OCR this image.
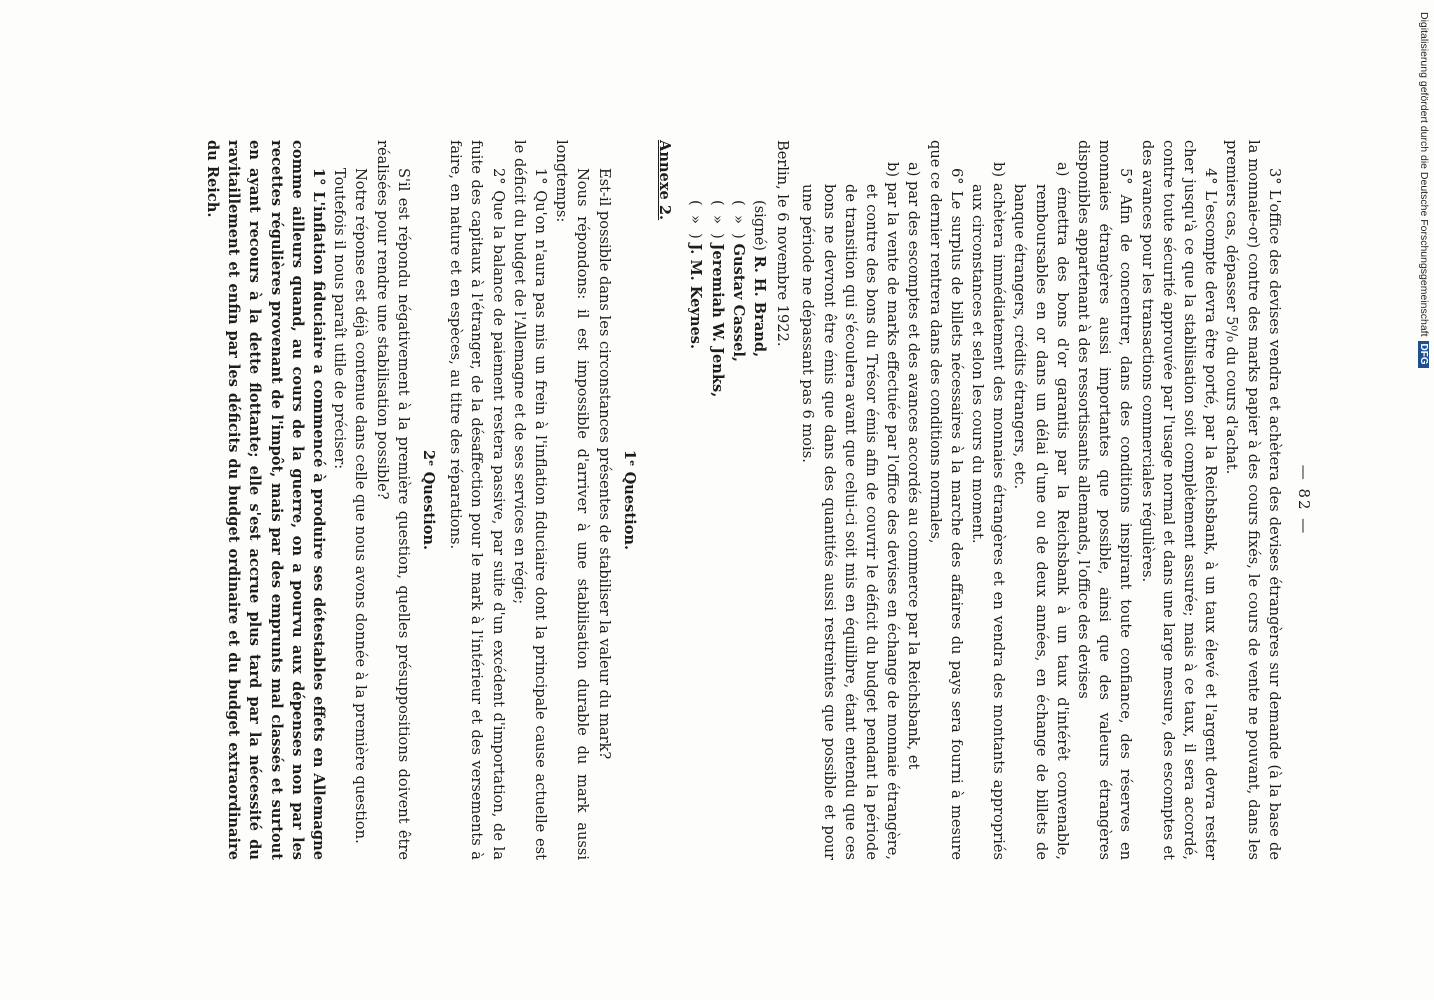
— 82 —

3° L'office des devises vendra et achètera des devises étrangères sur demande (à la base de la monnaie-or) contre des marks papier à des cours fixés, le cours de vente ne pouvant, dans les premiers cas, dépasser 5⁰/₀ du cours d'achat.

4° L'escompte devra être porté, par la Reichsbank, à un taux élevé et l'argent devra rester cher jusqu'à ce que la stabilisation soit complètement assurée; mais à ce taux, il sera accordé, contre toute sécurité approuvée par l'usage normal et dans une large mesure, des escomptes et des avances pour les transactions commerciales régulières.

5° Afin de concentrer, dans des conditions inspirant toute confiance, des réserves en monnaies étrangères aussi importantes que possible, ainsi que des valeurs étrangères disponibles appartenant à des ressortissants allemands, l'office des devises

a) émettra des bons d'or garantis par la Reichsbank à un taux d'intérêt convenable, remboursables en or dans un délai d'une ou de deux années, en échange de billets de banque étrangers, crédits étrangers, etc.

b) achètera immédiatement des monnaies étrangères et en vendra des montants appropriés aux circonstances et selon les cours du moment.

6° Le surplus de billets nécessaires à la marche des affaires du pays sera fourni à mesure que ce dernier rentrera dans des conditions normales,

a) par des escomptes et des avances accordés au commerce par la Reichsbank, et

b) par la vente de marks effectuée par l'office des devises en échange de monnaie étrangère, et contre des bons du Trésor émis afin de couvrir le déficit du budget pendant la période de transition qui s'écoulera avant que celui-ci soit mis en équilibre, étant entendu que ces bons ne devront être émis que dans des quantités aussi restreintes que possible et pour une période ne dépassant pas 6 mois.

Berlin, le 6 novembre 1922.

(signé) R. H. Brand,
(  »  ) Gustav Cassel,
(  »  ) Jeremiah W. Jenks,
(  »  ) J. M. Keynes.
Annexe 2.
1ᵉ Question.

Est-il possible dans les circonstances présentes de stabiliser la valeur du mark?

Nous répondons: il est impossible d'arriver à une stabilisation durable du mark aussi longtemps:

1° Qu'on n'aura pas mis un frein à l'inflation fiduciaire dont la principale cause actuelle est le déficit du budget de l'Allemagne et de ses services en régie;

2° Que la balance de paiement restera passive, par suite d'un excédent d'importation, de la fuite des capitaux à l'étranger, de la désaffection pour le mark à l'intérieur et des versements à faire, en nature et en espèces, au titre des réparations.

2ᵉ Question.

S'il est répondu négativement à la première question, quelles présuppositions doivent être réalisées pour rendre une stabilisation possible?

Notre réponse est déjà contenue dans celle que nous avons donnée à la première question.

Toutefois il nous paraît utile de préciser:

1° L'inflation fiduciaire a commencé à produire ses détestables effets en Allemagne comme ailleurs quand, au cours de la guerre, on a pourvu aux dépenses non par les recettes régulières provenant de l'impôt, mais par des emprunts mal classés et surtout en ayant recours à la dette flottante; elle s'est accrue plus tard par la nécessité du ravitaillement et enfin par les déficits du budget ordinaire et du budget extraordinaire du Reich.	Digitalisierung gefördert durch die Deutsche ForschungsgemeinschaftDFG
